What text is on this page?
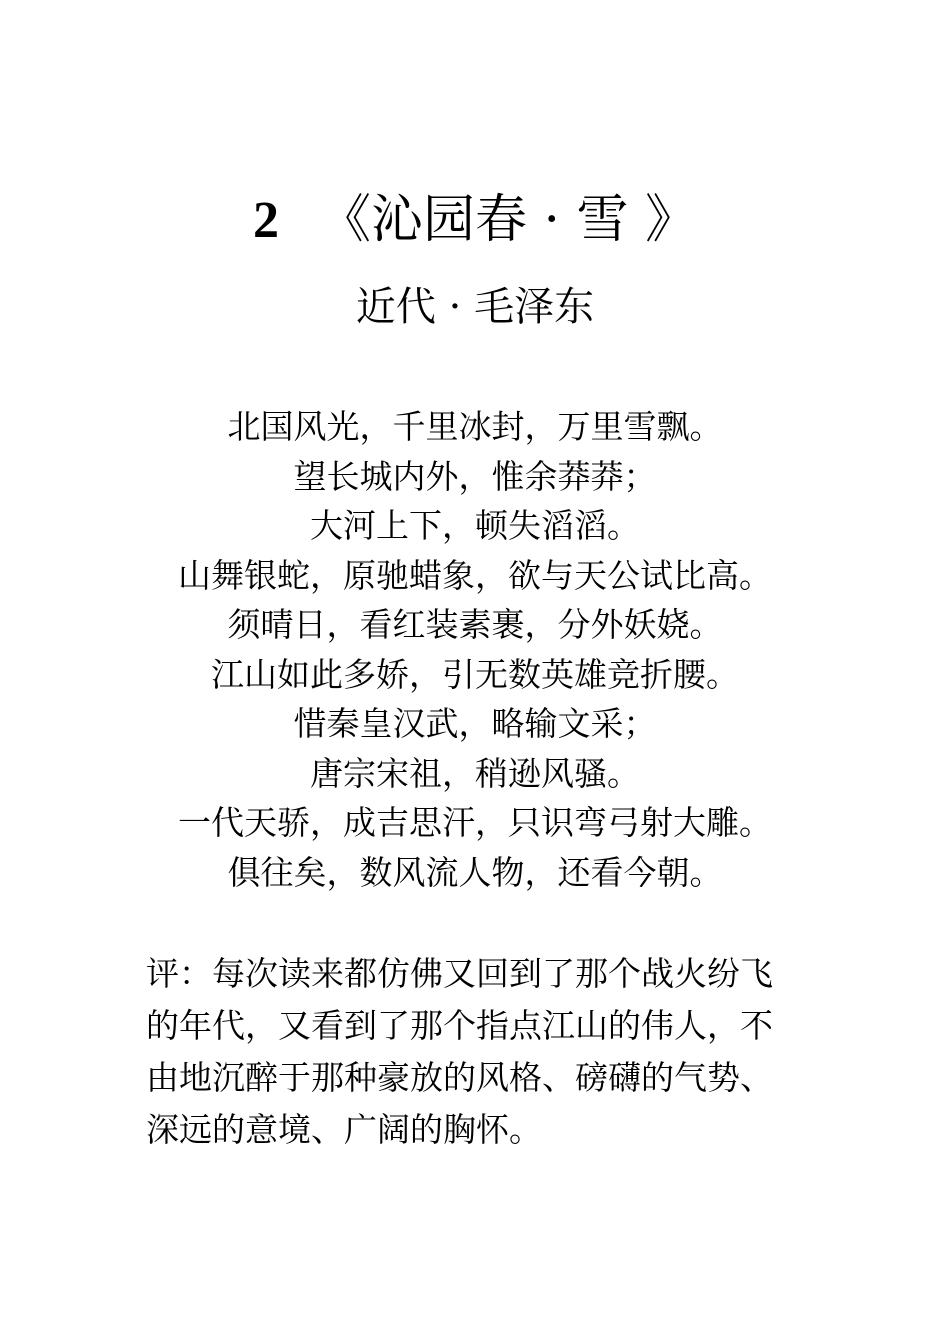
2 《沁园春 · 雪 》
近代 · 毛泽东
北国风光，千里冰封，万里雪飘。
望长城内外，惟余莽莽；
大河上下，顿失滔滔。
山舞银蛇，原驰蜡象，欲与天公试比高。
须晴日，看红装素裹，分外妖娆。
江山如此多娇，引无数英雄竞折腰。
惜秦皇汉武，略输文采；
唐宗宋祖，稍逊风骚。
一代天骄，成吉思汗，只识弯弓射大雕。
俱往矣，数风流人物，还看今朝。
评：每次读来都仿佛又回到了那个战火纷飞
的年代，又看到了那个指点江山的伟人，不
由地沉醉于那种豪放的风格、磅礴的气势、
深远的意境、广阔的胸怀。
